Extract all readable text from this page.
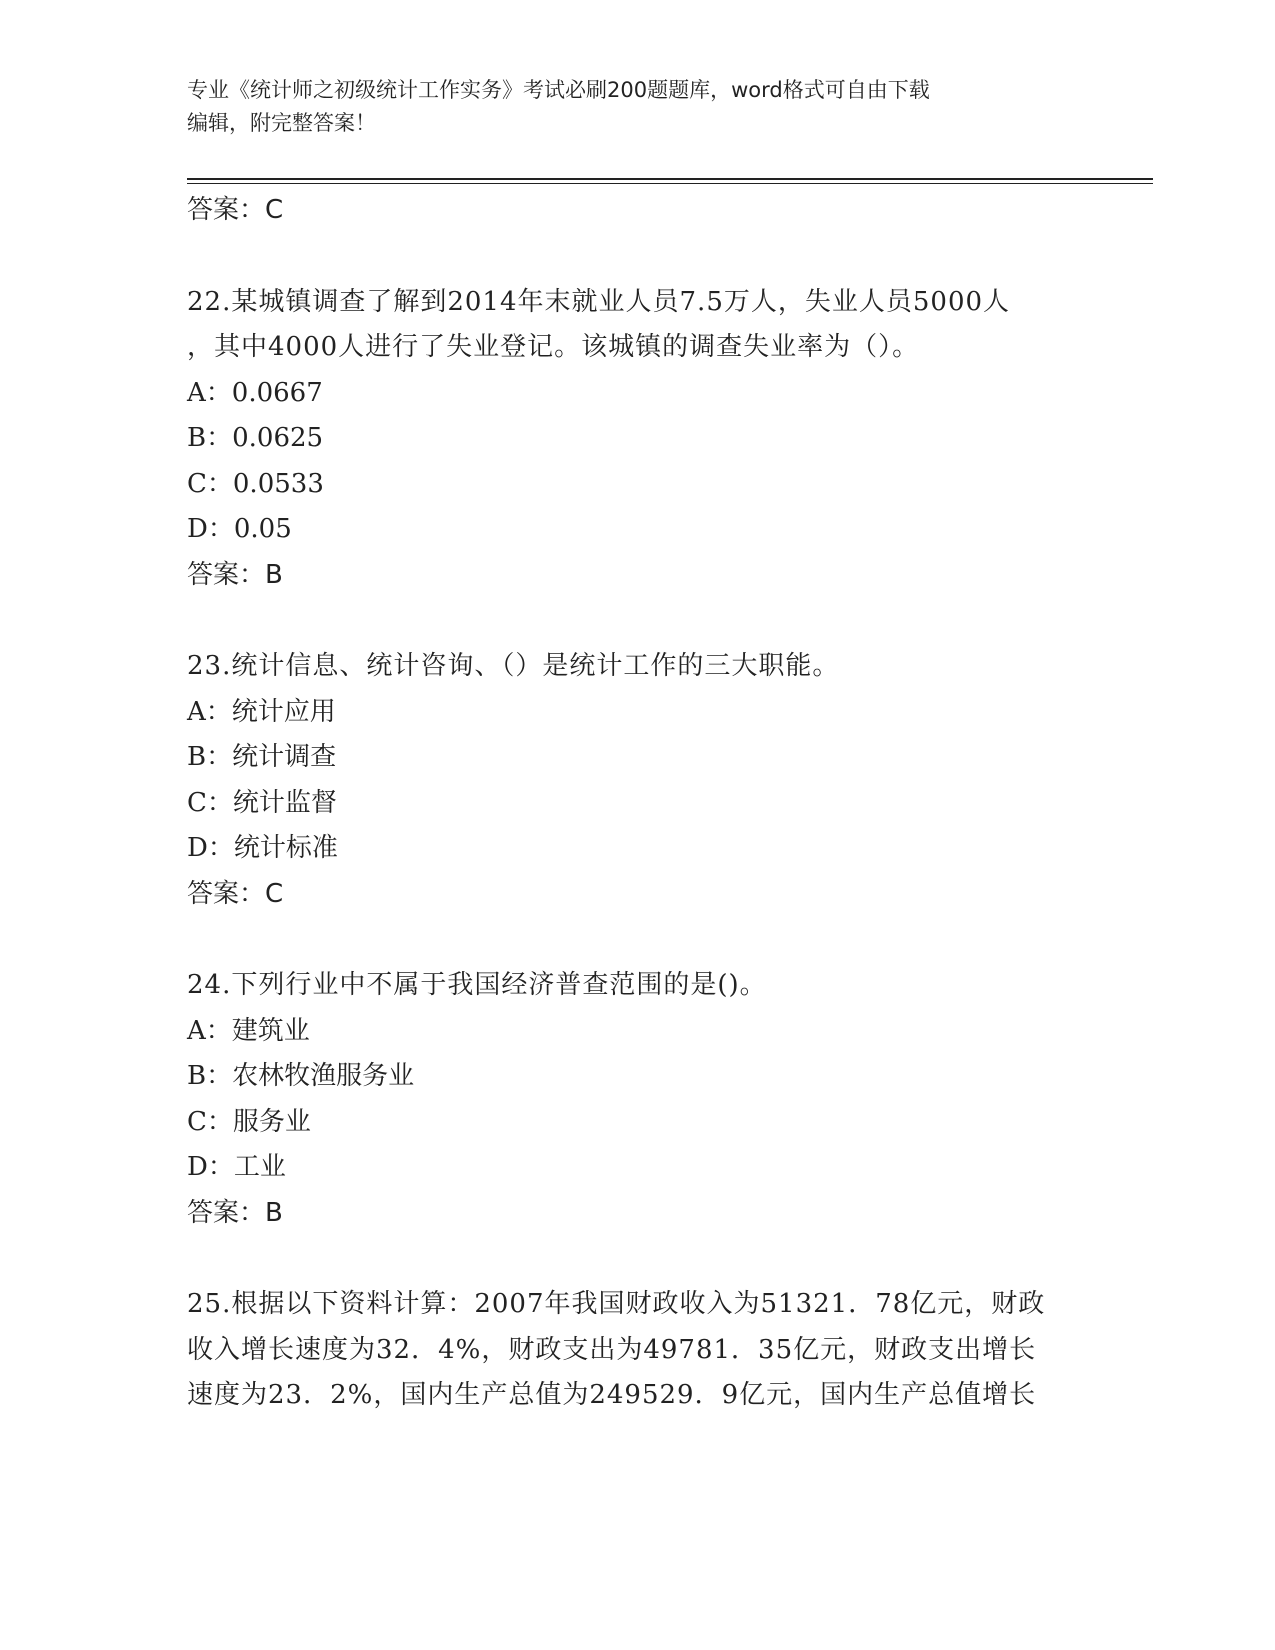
专业《统计师之初级统计工作实务》考试必刷200题题库，word格式可自由下载
编辑，附完整答案！
答案：C
22.某城镇调查了解到2014年末就业人员7.5万人，失业人员5000人
，其中4000人进行了失业登记。该城镇的调查失业率为（）。
A：0.0667
B：0.0625
C：0.0533
D：0.05
答案：B
23.统计信息、统计咨询、（）是统计工作的三大职能。
A：统计应用
B：统计调查
C：统计监督
D：统计标准
答案：C
24.下列行业中不属于我国经济普查范围的是()。
A：建筑业
B：农林牧渔服务业
C：服务业
D：工业
答案：B
25.根据以下资料计算：2007年我国财政收入为51321．78亿元，财政
收入增长速度为32．4%，财政支出为49781．35亿元，财政支出增长
速度为23．2%，国内生产总值为249529．9亿元，国内生产总值增长
